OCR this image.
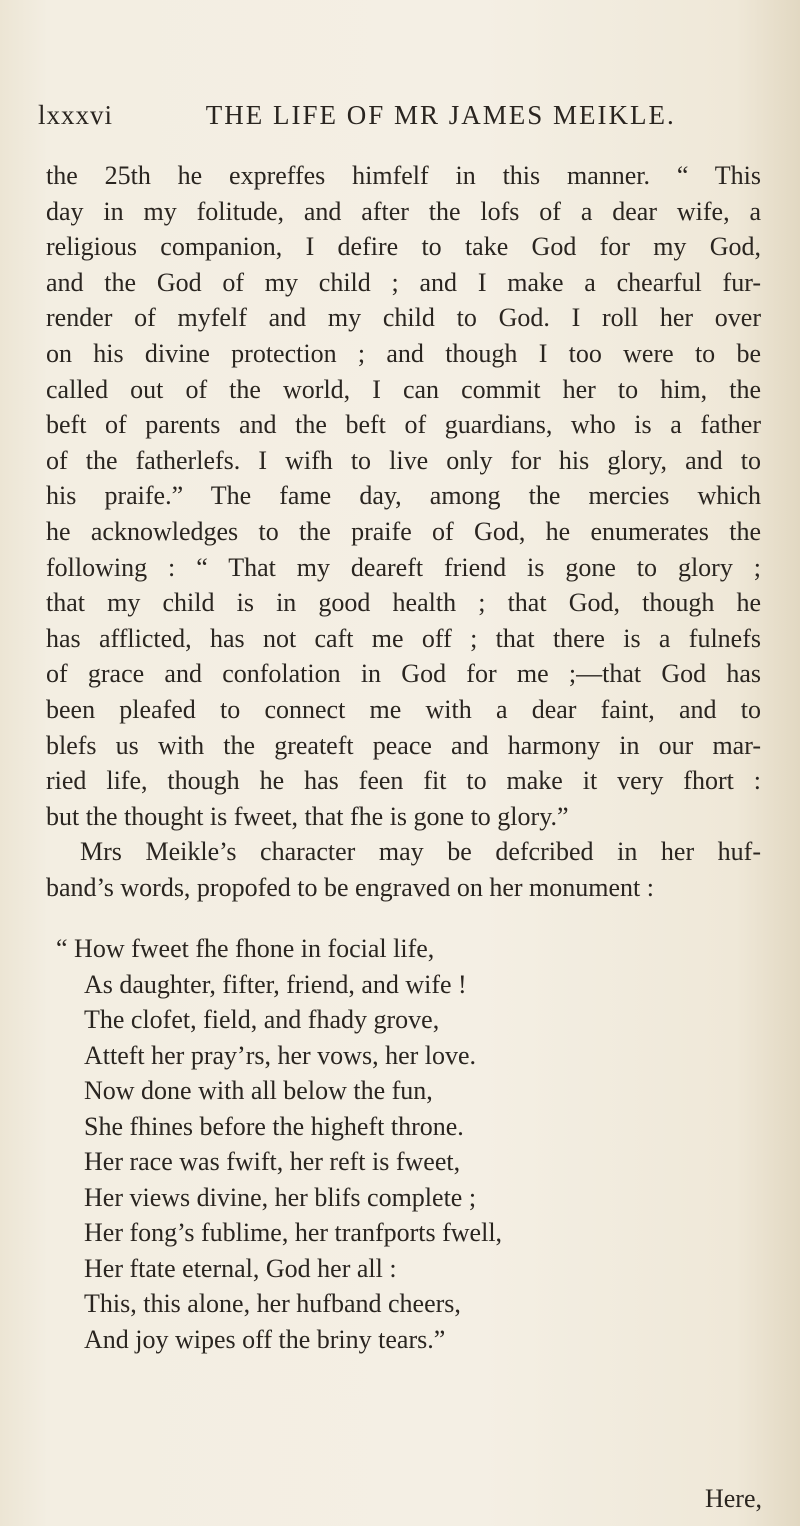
lxxxvi	THE LIFE OF MR JAMES MEIKLE.
the 25th he expreffes himfelf in this manner. “ This
day in my folitude, and after the lofs of a dear wife, a
religious companion, I defire to take God for my God,
and the God of my child ; and I make a chearful fur-
render of myfelf and my child to God. I roll her over
on his divine protection ; and though I too were to be
called out of the world, I can commit her to him, the
beft of parents and the beft of guardians, who is a father
of the fatherlefs. I wifh to live only for his glory, and to
his praife.” The fame day, among the mercies which
he acknowledges to the praife of God, he enumerates the
following : “ That my deareft friend is gone to glory ;
that my child is in good health ; that God, though he
has afflicted, has not caft me off ; that there is a fulnefs
of grace and confolation in God for me ;—that God has
been pleafed to connect me with a dear faint, and to
blefs us with the greateft peace and harmony in our mar-
ried life, though he has feen fit to make it very fhort :
but the thought is fweet, that fhe is gone to glory.”
Mrs Meikle’s character may be defcribed in her huf-
band’s words, propofed to be engraved on her monument :
“ How fweet fhe fhone in focial life,
As daughter, fifter, friend, and wife !
The clofet, field, and fhady grove,
Atteft her pray’rs, her vows, her love.
Now done with all below the fun,
She fhines before the higheft throne.
Her race was fwift, her reft is fweet,
Her views divine, her blifs complete ;
Her fong’s fublime, her tranfports fwell,
Her ftate eternal, God her all :
This, this alone, her hufband cheers,
And joy wipes off the briny tears.”
Here,
